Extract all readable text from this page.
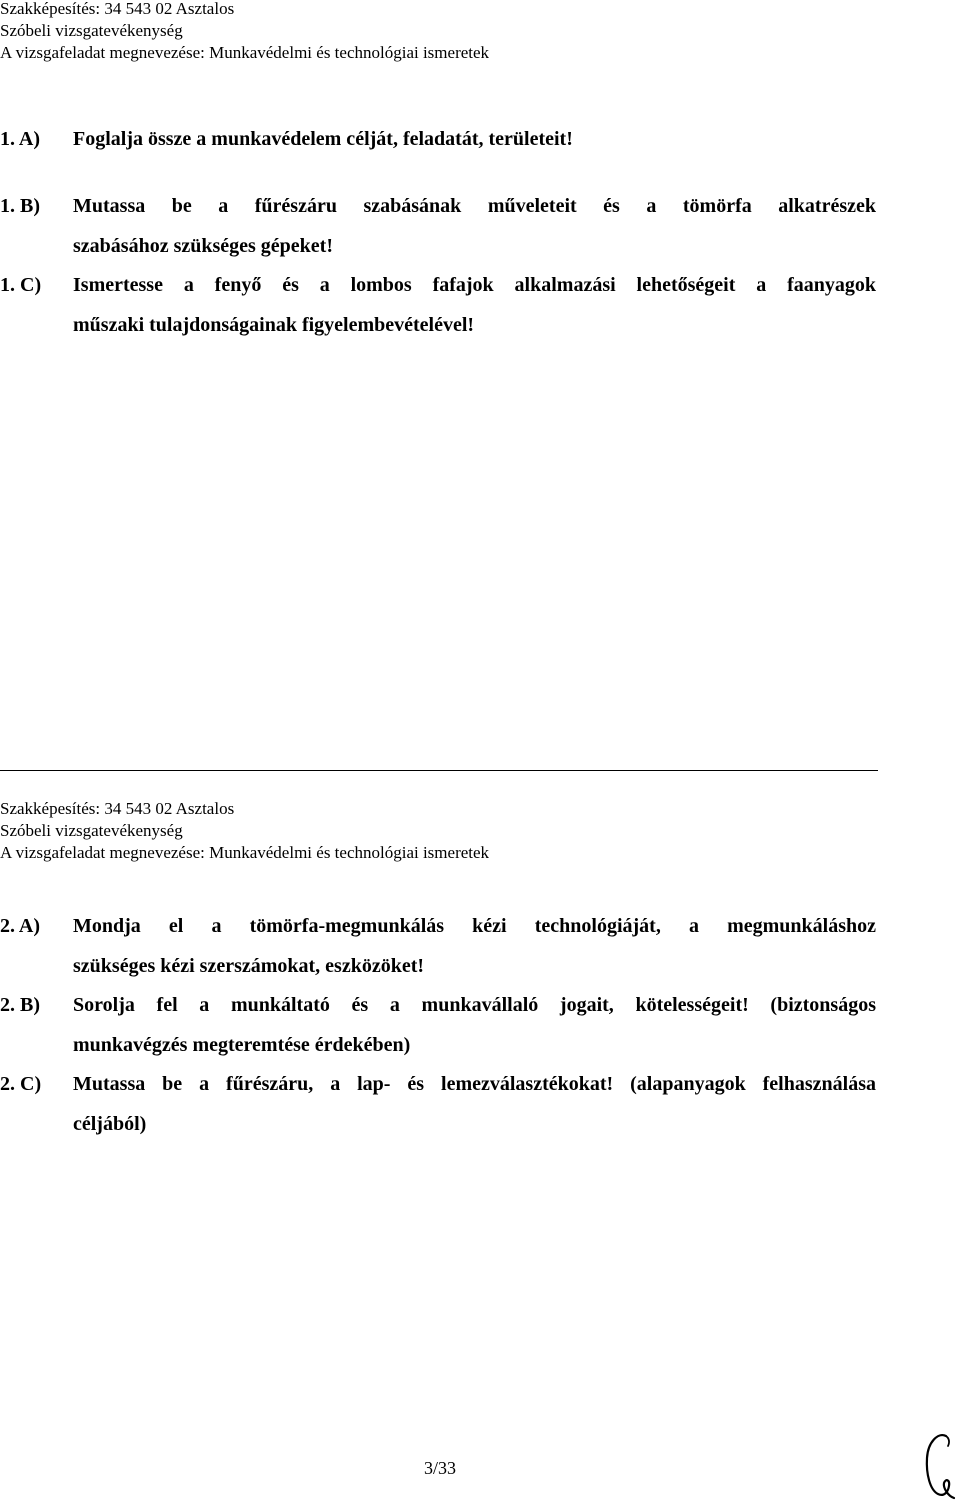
Szakképesítés: 34 543 02 Asztalos
Szóbeli vizsgatevékenység
A vizsgafeladat megnevezése: Munkavédelmi és technológiai ismeretek
1. A)	Foglalja össze a munkavédelem célját, feladatát, területeit!
1. B)	Mutassa be a fűrészáru szabásának műveleteit és a tömörfa alkatrészek
szabásához szükséges gépeket!
1. C)	Ismertesse a fenyő és a lombos fafajok alkalmazási lehetőségeit a faanyagok
műszaki tulajdonságainak figyelembevételével!
Szakképesítés: 34 543 02 Asztalos
Szóbeli vizsgatevékenység
A vizsgafeladat megnevezése: Munkavédelmi és technológiai ismeretek
2. A)	Mondja el a tömörfa-megmunkálás kézi technológiáját, a megmunkáláshoz
szükséges kézi szerszámokat, eszközöket!
2. B)	Sorolja fel a munkáltató és a munkavállaló jogait, kötelességeit! (biztonságos
munkavégzés megteremtése érdekében)
2. C)	Mutassa be a fűrészáru, a lap- és lemezválasztékokat! (alapanyagok felhasználása
céljából)
3/33
